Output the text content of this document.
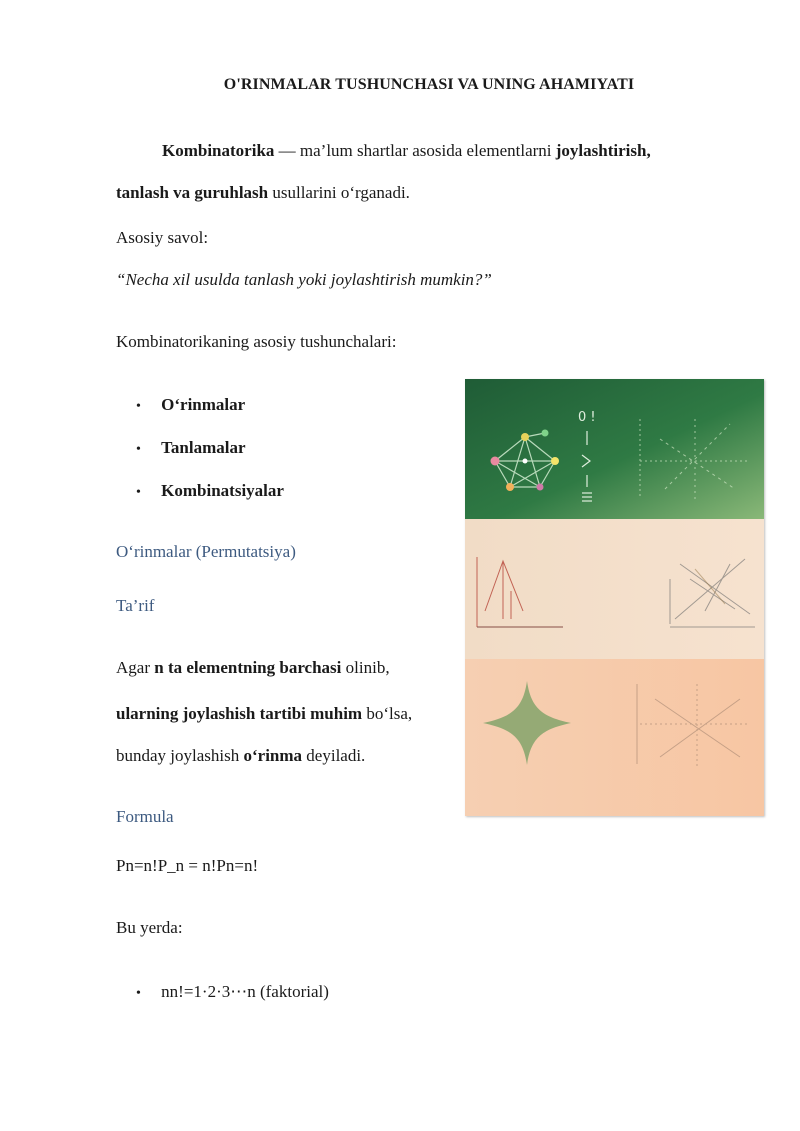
O'RINMALAR TUSHUNCHASI VA UNING AHAMIYATI
Kombinatorika — ma’lum shartlar asosida elementlarni joylashtirish,
tanlash va guruhlash usullarini o‘rganadi.
Asosiy savol:
“Necha xil usulda tanlash yoki joylashtirish mumkin?”
Kombinatorikaning asosiy tushunchalari:
• O‘rinmalar
• Tanlamalar
• Kombinatsiyalar
O‘rinmalar (Permutatsiya)
Ta’rif
Agar n ta elementning barchasi olinib,
ularning joylashish tartibi muhim bo‘lsa,
bunday joylashish o‘rinma deyiladi.
Formula
Pn=n!P_n = n!Pn=n!
Bu yerda:
• nn!=1·2·3⋯n (faktorial)
0 !
